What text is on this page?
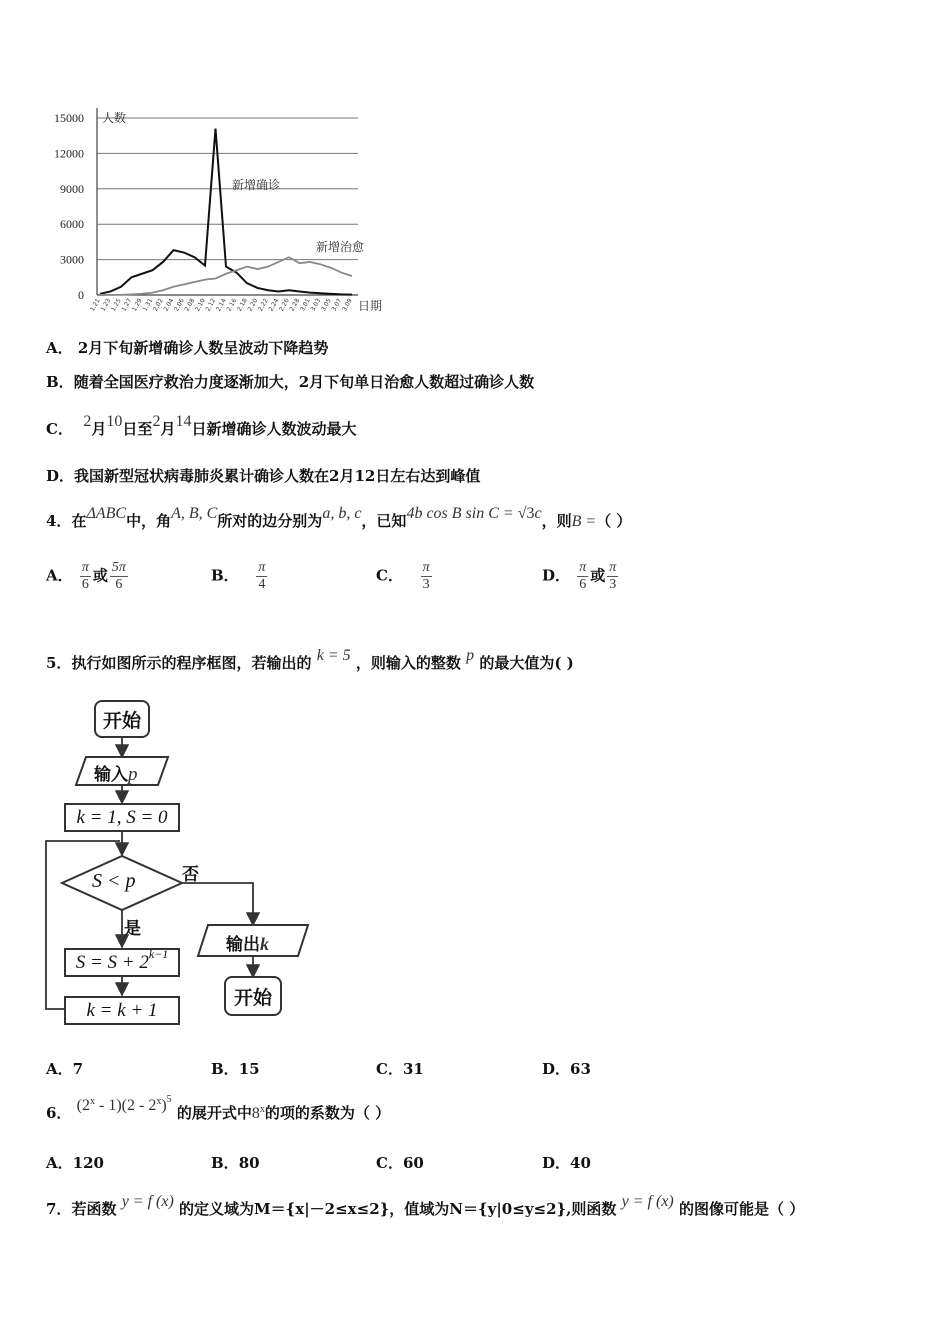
0
3000
6000
9000
12000
15000
1.21
1.23
1.25
1.27
1.29
1.31
2.02
2.04
2.06
2.08
2.10
2.12
2.14
2.16
2.18
2.20
2.22
2.24
2.26
2.28
3.01
3.03
3.05
3.07
3.09
人数
日期
新增确诊
新增治愈
A． 2月下旬新增确诊人数呈波动下降趋势
B．随着全国医疗救治力度逐渐加大，2月下旬单日治愈人数超过确诊人数
C． 2月10日至2月14日新增确诊人数波动最大
D．我国新型冠状病毒肺炎累计确诊人数在2月12日左右达到峰值
4．在ΔABC中，角A, B, C所对的边分别为a, b, c，已知4b cos B sin C = √3c，则B =（ ）
A． $\frac{\pi}{6}$ 或 $\frac{5\pi}{6}$	B． $\frac{\pi}{4}$	C． $\frac{\pi}{3}$	D． $\frac{\pi}{6}$ 或 $\frac{\pi}{3}$
5．执行如图所示的程序框图，若输出的 k = 5 ，则输入的整数 p 的最大值为( )
开始
输入p
k = 1, S = 0
S < p	否
是
S = S + 2 k−1
k = k + 1
输出k
开始
A．7	B．15	C．31	D．63
6． (2$^x$ - 1)(2 - 2$^x$)$^5$ 的展开式中8$^x$的项的系数为（ ）
A．120	B．80	C．60	D．40
7．若函数 y = f (x) 的定义域为M＝{x|－2≤x≤2}，值域为N＝{y|0≤y≤2},则函数 y = f (x) 的图像可能是（ ）
